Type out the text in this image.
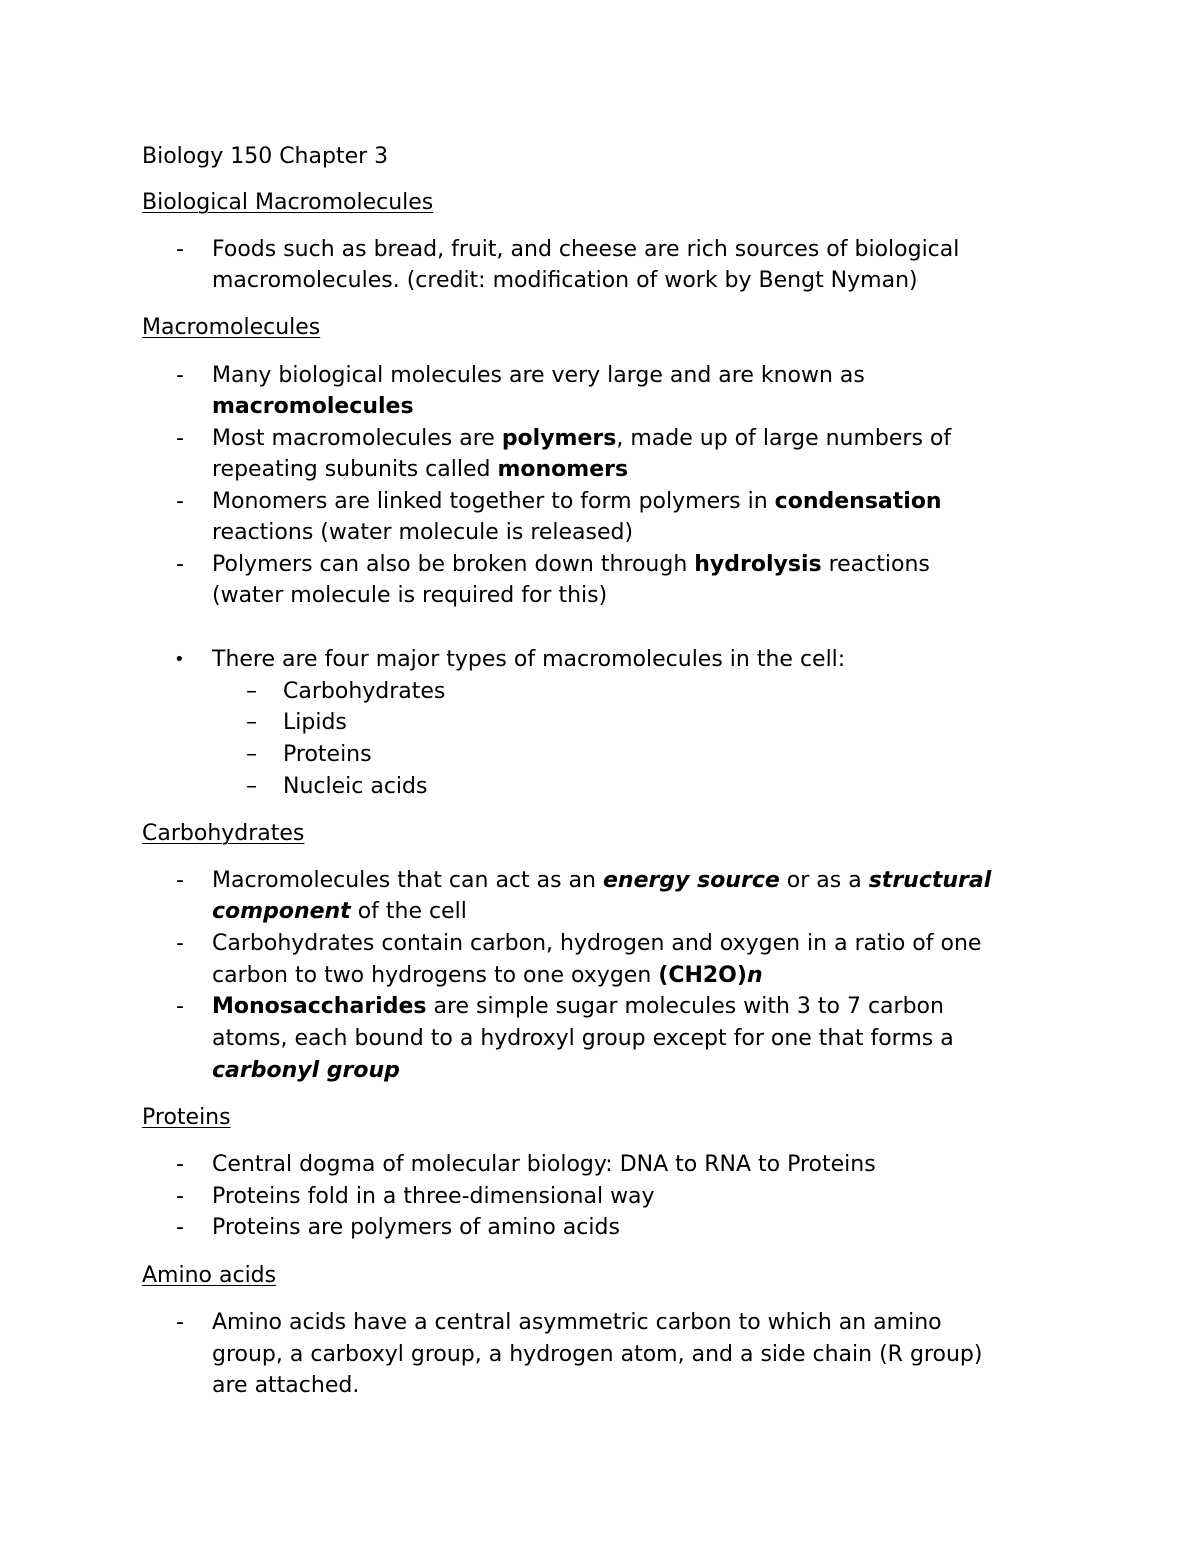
Biology 150 Chapter 3

Biological Macromolecules

- Foods such as bread, fruit, and cheese are rich sources of biological

macromolecules. (credit: modification of work by Bengt Nyman)

Macromolecules

- Many biological molecules are very large and are known as

macromolecules

- Most macromolecules are polymers, made up of large numbers of

repeating subunits called monomers

- Monomers are linked together to form polymers in condensation

reactions (water molecule is released)

- Polymers can also be broken down through hydrolysis reactions

(water molecule is required for this)

• There are four major types of macromolecules in the cell:

– Carbohydrates

– Lipids

– Proteins

– Nucleic acids

Carbohydrates

- Macromolecules that can act as an energy source or as a structural

component of the cell

- Carbohydrates contain carbon, hydrogen and oxygen in a ratio of one

carbon to two hydrogens to one oxygen (CH2O)n

- Monosaccharides are simple sugar molecules with 3 to 7 carbon

atoms, each bound to a hydroxyl group except for one that forms a

carbonyl group

Proteins

- Central dogma of molecular biology: DNA to RNA to Proteins

- Proteins fold in a three-dimensional way

- Proteins are polymers of amino acids

Amino acids

- Amino acids have a central asymmetric carbon to which an amino

group, a carboxyl group, a hydrogen atom, and a side chain (R group)

are attached.
